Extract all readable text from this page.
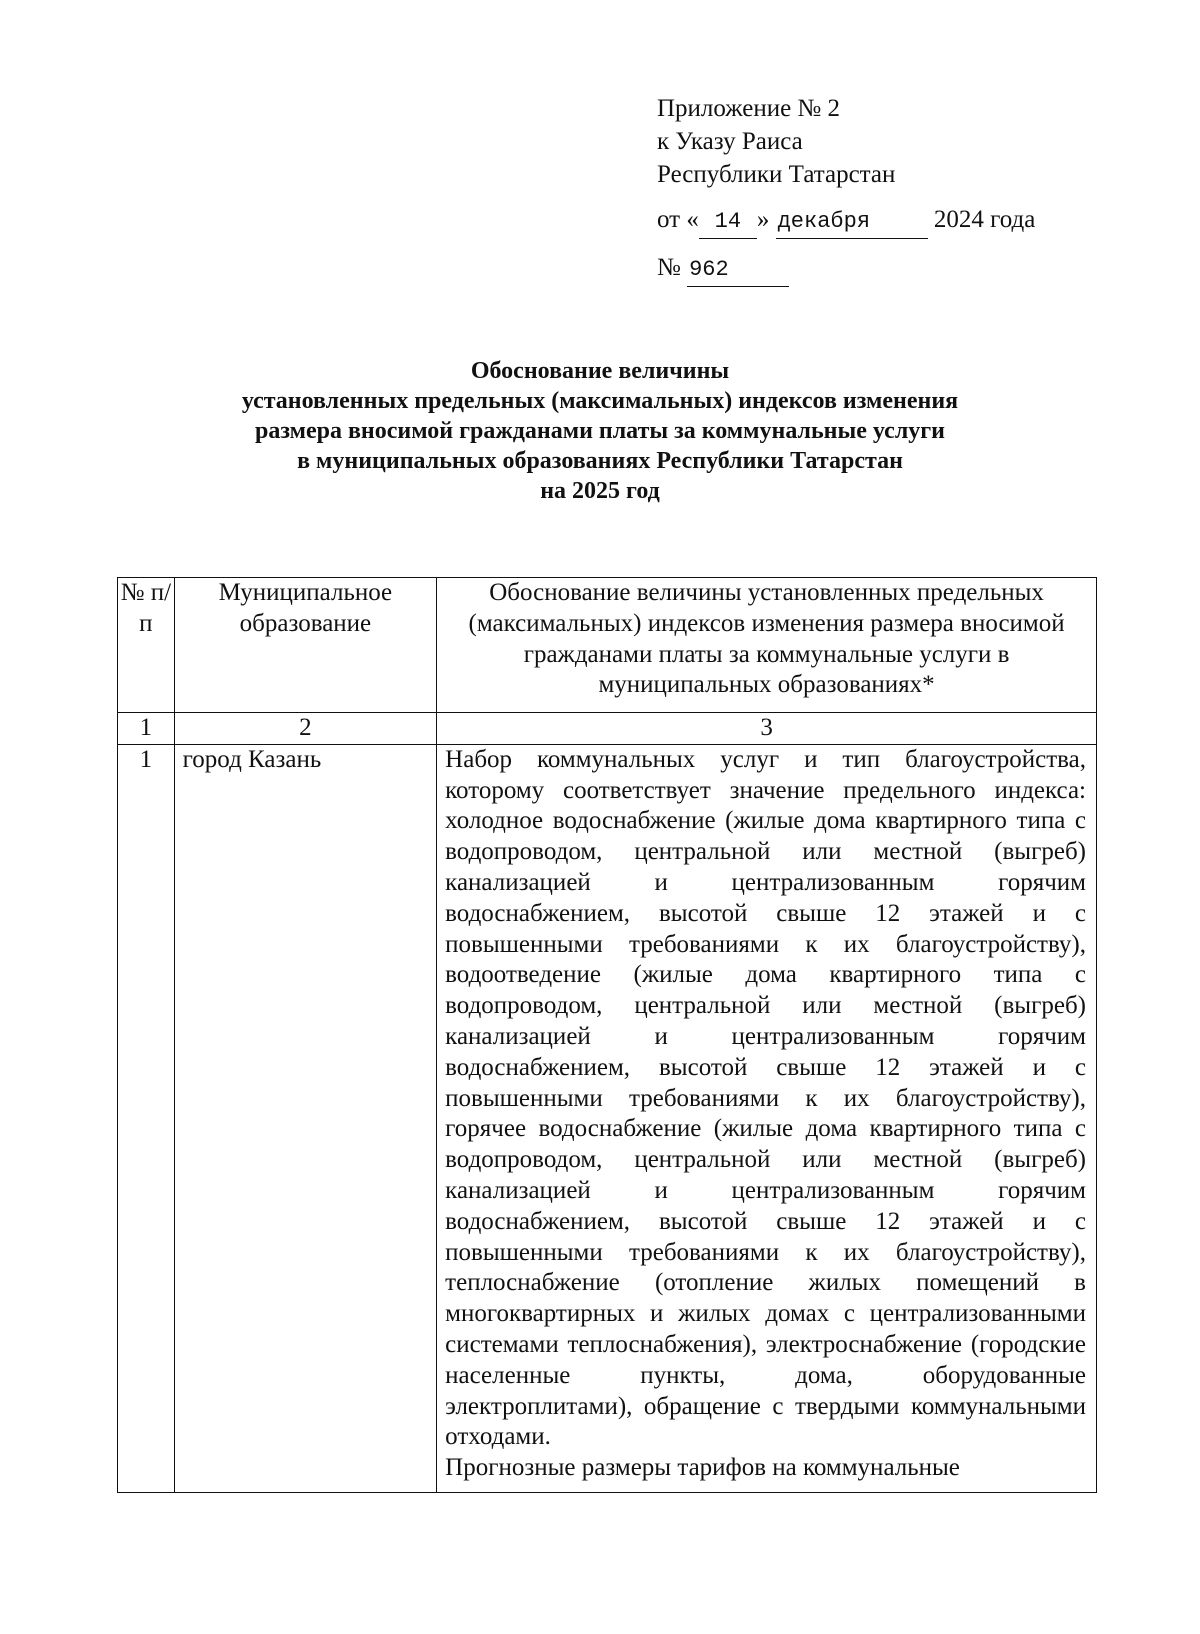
Приложение № 2
к Указу Раиса
Республики Татарстан
от « 14 » декабря	2024 года
№ 962
Обоснование величины
установленных предельных (максимальных) индексов изменения
размера вносимой гражданами платы за коммунальные услуги
в муниципальных образованиях Республики Татарстан
на 2025 год

№ п/п	Муниципальное образование	Обоснование величины установленных предельных (максимальных) индексов изменения размера вносимой гражданами платы за коммунальные услуги в муниципальных образованиях*

1	2	3
1	город Казань	Набор коммунальных услуг и тип благоустройства, которому соответствует значение предельного индекса: холодное водоснабжение (жилые дома квартирного типа с водопроводом, центральной или местной (выгреб) канализацией и централизованным горячим водоснабжением, высотой свыше 12 этажей и с повышенными требованиями к их благоустройству), водоотведение (жилые дома квартирного типа с водопроводом, центральной или местной (выгреб) канализацией и централизованным горячим водоснабжением, высотой свыше 12 этажей и с повышенными требованиями к их благоустройству), горячее водоснабжение (жилые дома квартирного типа с водопроводом, центральной или местной (выгреб) канализацией и централизованным горячим водоснабжением, высотой свыше 12 этажей и с повышенными требованиями к их благоустройству), теплоснабжение (отопление жилых помещений в многоквартирных и жилых домах с централизованными системами теплоснабжения), электроснабжение (городские населенные пункты, дома, оборудованные электроплитами), обращение с твердыми коммунальными отходами.

Прогнозные размеры тарифов на коммунальные
